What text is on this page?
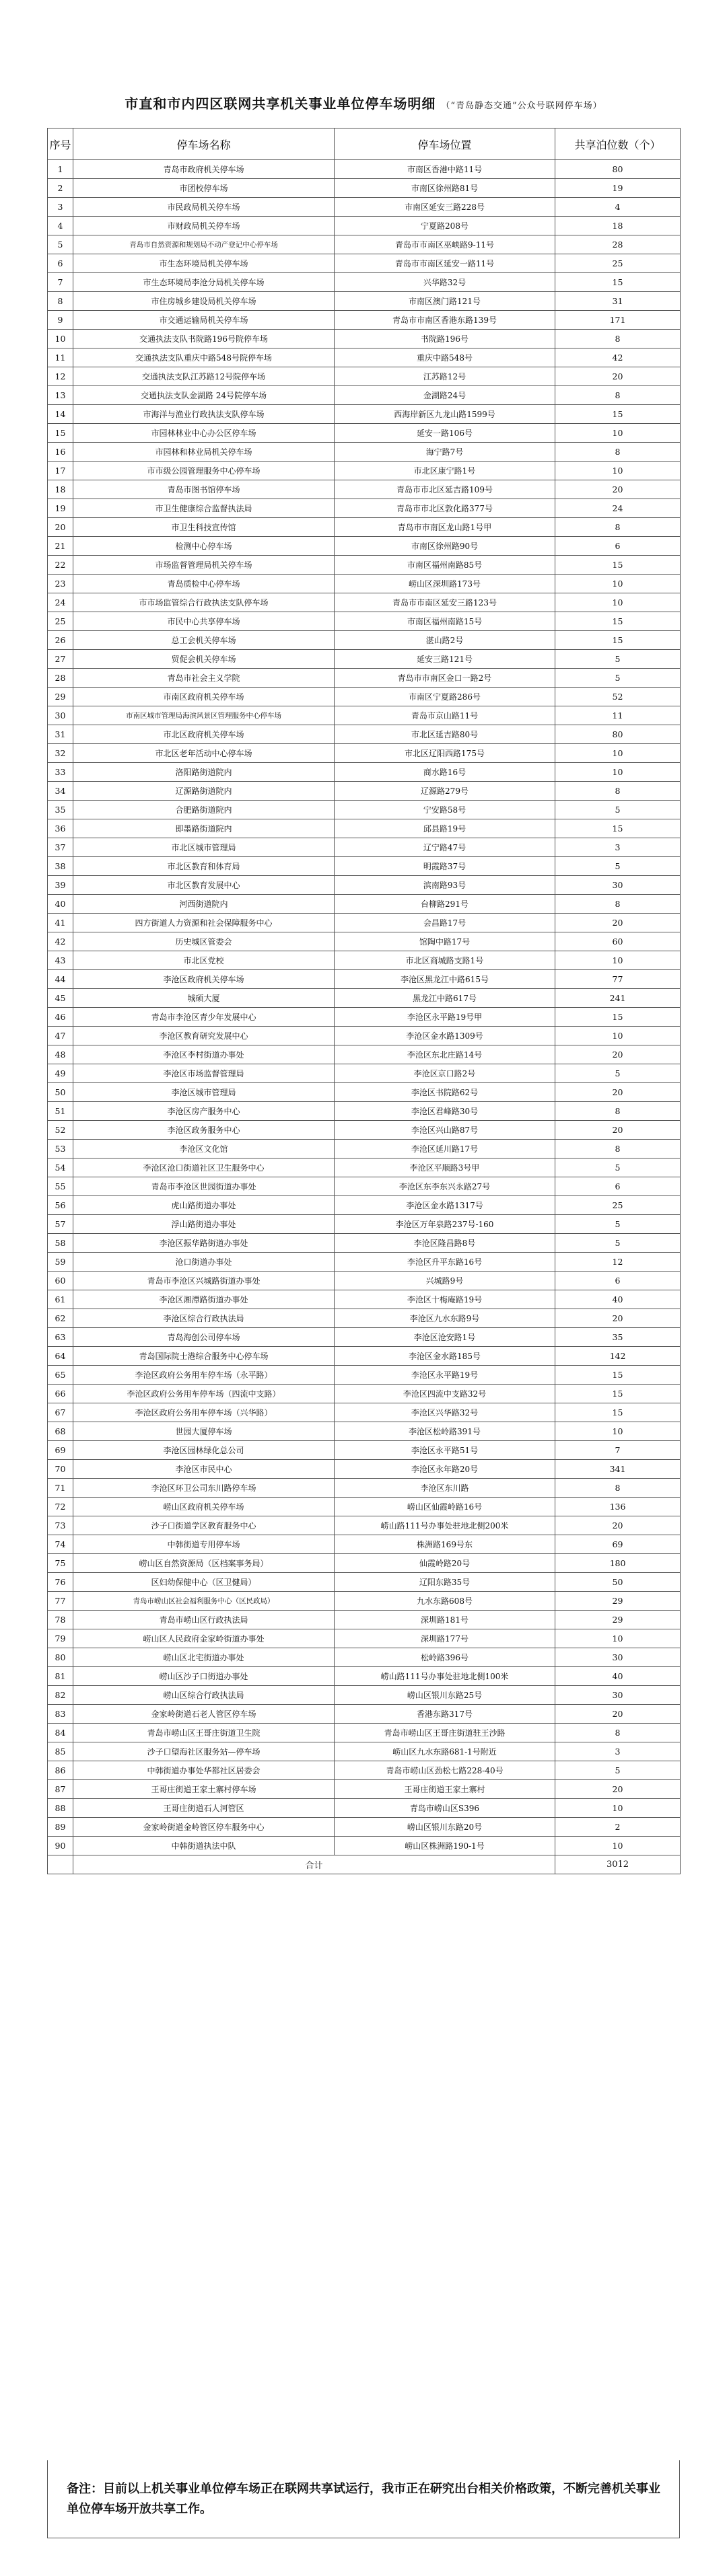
市直和市内四区联网共享机关事业单位停车场明细 （“青岛静态交通”公众号联网停车场）
序号	停车场名称	停车场位置	共享泊位数（个）
1	青岛市政府机关停车场	市南区香港中路11号	80
2	市团校停车场	市南区徐州路81号	19
3	市民政局机关停车场	市南区延安三路228号	4
4	市财政局机关停车场	宁夏路208号	18
5	青岛市自然资源和规划局不动产登记中心停车场	青岛市市南区巫峡路9-11号	28
6	市生态环境局机关停车场	青岛市市南区延安一路11号	25
7	市生态环境局李沧分局机关停车场	兴华路32号	15
8	市住房城乡建设局机关停车场	市南区澳门路121号	31
9	市交通运输局机关停车场	青岛市市南区香港东路139号	171
10	交通执法支队书院路196号院停车场	书院路196号	8
11	交通执法支队重庆中路548号院停车场	重庆中路548号	42
12	交通执法支队江苏路12号院停车场	江苏路12号	20
13	交通执法支队金湖路 24号院停车场	金湖路24号	8
14	市海洋与渔业行政执法支队停车场	西海岸新区九龙山路1599号	15
15	市园林林业中心办公区停车场	延安一路106号	10
16	市园林和林业局机关停车场	海宁路7号	8
17	市市级公园管理服务中心停车场	市北区康宁路1号	10
18	青岛市图书馆停车场	青岛市市北区延吉路109号	20
19	市卫生健康综合监督执法局	青岛市市北区敦化路377号	24
20	市卫生科技宣传馆	青岛市市南区龙山路1号甲	8
21	检测中心停车场	市南区徐州路90号	6
22	市场监督管理局机关停车场	市南区福州南路85号	15
23	青岛质检中心停车场	崂山区深圳路173号	10
24	市市场监管综合行政执法支队停车场	青岛市市南区延安三路123号	10
25	市民中心共享停车场	市南区福州南路15号	15
26	总工会机关停车场	湛山路2号	15
27	贸促会机关停车场	延安三路121号	5
28	青岛市社会主义学院	青岛市市南区金口一路2号	5
29	市南区政府机关停车场	市南区宁夏路286号	52
30	市南区城市管理局海滨风景区管理服务中心停车场	青岛市京山路11号	11
31	市北区政府机关停车场	市北区延吉路80号	80
32	市北区老年活动中心停车场	市北区辽阳西路175号	10
33	洛阳路街道院内	商水路16号	10
34	辽源路街道院内	辽源路279号	8
35	合肥路街道院内	宁安路58号	5
36	即墨路街道院内	邱县路19号	15
37	市北区城市管理局	辽宁路47号	3
38	市北区教育和体育局	明霞路37号	5
39	市北区教育发展中心	滨南路93号	30
40	河西街道院内	台柳路291号	8
41	四方街道人力资源和社会保障服务中心	会昌路17号	20
42	历史城区管委会	馆陶中路17号	60
43	市北区党校	市北区商城路支路1号	10
44	李沧区政府机关停车场	李沧区黑龙江中路615号	77
45	城硕大厦	黑龙江中路617号	241
46	青岛市李沧区青少年发展中心	李沧区永平路19号甲	15
47	李沧区教育研究发展中心	李沧区金水路1309号	10
48	李沧区李村街道办事处	李沧区东北庄路14号	20
49	李沧区市场监督管理局	李沧区京口路2号	5
50	李沧区城市管理局	李沧区书院路62号	20
51	李沧区房产服务中心	李沧区君峰路30号	8
52	李沧区政务服务中心	李沧区兴山路87号	20
53	李沧区文化馆	李沧区延川路17号	8
54	李沧区沧口街道社区卫生服务中心	李沧区平顺路3号甲	5
55	青岛市李沧区世园街道办事处	李沧区东李东兴永路27号	6
56	虎山路街道办事处	李沧区金水路1317号	25
57	浮山路街道办事处	李沧区万年泉路237号-160	5
58	李沧区振华路街道办事处	李沧区隆昌路8号	5
59	沧口街道办事处	李沧区升平东路16号	12
60	青岛市李沧区兴城路街道办事处	兴城路9号	6
61	李沧区湘潭路街道办事处	李沧区十梅庵路19号	40
62	李沧区综合行政执法局	李沧区九水东路9号	20
63	青岛海创公司停车场	李沧区沧安路1号	35
64	青岛国际院士港综合服务中心停车场	李沧区金水路185号	142
65	李沧区政府公务用车停车场（永平路）	李沧区永平路19号	15
66	李沧区政府公务用车停车场（四流中支路）	李沧区四流中支路32号	15
67	李沧区政府公务用车停车场（兴华路）	李沧区兴华路32号	15
68	世园大厦停车场	李沧区松岭路391号	10
69	李沧区园林绿化总公司	李沧区永平路51号	7
70	李沧区市民中心	李沧区永年路20号	341
71	李沧区环卫公司东川路停车场	李沧区东川路	8
72	崂山区政府机关停车场	崂山区仙霞岭路16号	136
73	沙子口街道学区教育服务中心	崂山路111号办事处驻地北侧200米	20
74	中韩街道专用停车场	株洲路169号东	69
75	崂山区自然资源局（区档案事务局）	仙霞岭路20号	180
76	区妇幼保健中心（区卫健局）	辽阳东路35号	50
77	青岛市崂山区社会福利服务中心（区民政局）	九水东路608号	29
78	青岛市崂山区行政执法局	深圳路181号	29
79	崂山区人民政府金家岭街道办事处	深圳路177号	10
80	崂山区北宅街道办事处	松岭路396号	30
81	崂山区沙子口街道办事处	崂山路111号办事处驻地北侧100米	40
82	崂山区综合行政执法局	崂山区银川东路25号	30
83	金家岭街道石老人管区停车场	香港东路317号	20
84	青岛市崂山区王哥庄街道卫生院	青岛市崂山区王哥庄街道驻王沙路	8
85	沙子口望海社区服务站—停车场	崂山区九水东路681-1号附近	3
86	中韩街道办事处华都社区居委会	青岛市崂山区劲松七路228-40号	5
87	王哥庄街道王家土寨村停车场	王哥庄街道王家土寨村	20
88	王哥庄街道石人河管区	青岛市崂山区S396	10
89	金家岭街道金岭管区停车服务中心	崂山区银川东路20号	2
90	中韩街道执法中队	崂山区株洲路190-1号	10
	合计		3012
备注：目前以上机关事业单位停车场正在联网共享试运行，我市正在研究出台相关价格政策，不断完善机关事业单位停车场开放共享工作。
